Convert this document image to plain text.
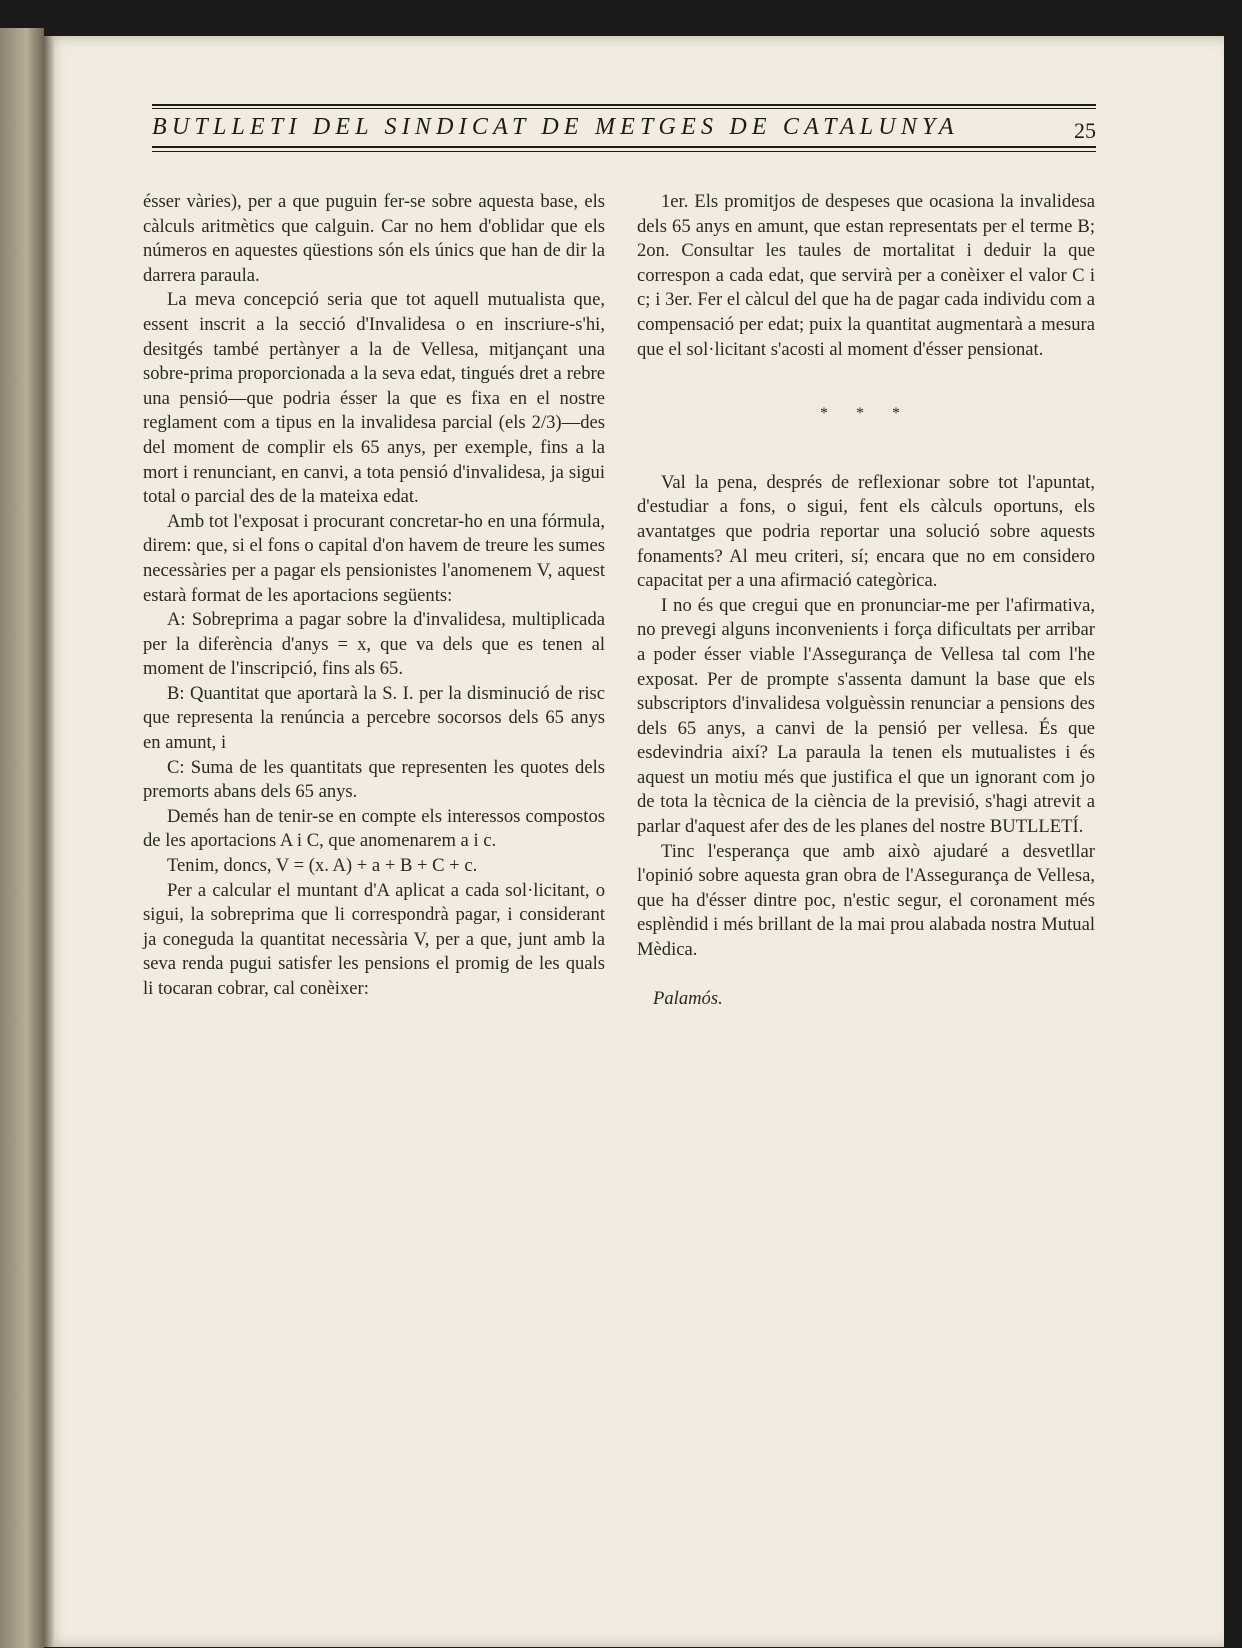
BUTLLETI DEL SINDICAT DE METGES DE CATALUNYA	25

ésser vàries), per a que puguin fer-se sobre aquesta base, els càlculs aritmètics que calguin. Car no hem d'oblidar que els números en aquestes qüestions són els únics que han de dir la darrera paraula.

La meva concepció seria que tot aquell mutualista que, essent inscrit a la secció d'Invalidesa o en inscriure-s'hi, desitgés també pertànyer a la de Vellesa, mitjançant una sobre-prima proporcionada a la seva edat, tingués dret a rebre una pensió—que podria ésser la que es fixa en el nostre reglament com a tipus en la invalidesa parcial (els 2/3)—des del moment de complir els 65 anys, per exemple, fins a la mort i renunciant, en canvi, a tota pensió d'invalidesa, ja sigui total o parcial des de la mateixa edat.

Amb tot l'exposat i procurant concretar-ho en una fórmula, direm: que, si el fons o capital d'on havem de treure les sumes necessàries per a pagar els pensionistes l'anomenem V, aquest estarà format de les aportacions següents:

A: Sobreprima a pagar sobre la d'invalidesa, multiplicada per la diferència d'anys = x, que va dels que es tenen al moment de l'inscripció, fins als 65.

B: Quantitat que aportarà la S. I. per la disminució de risc que representa la renúncia a percebre socorsos dels 65 anys en amunt, i

C: Suma de les quantitats que representen les quotes dels premorts abans dels 65 anys.

Demés han de tenir-se en compte els interessos compostos de les aportacions A i C, que anomenarem a i c.

Tenim, doncs, V = (x. A) + a + B + C + c.

Per a calcular el muntant d'A aplicat a cada sol·licitant, o sigui, la sobreprima que li correspondrà pagar, i considerant ja coneguda la quantitat necessària V, per a que, junt amb la seva renda pugui satisfer les pensions el promig de les quals li tocaran cobrar, cal conèixer:

1er. Els promitjos de despeses que ocasiona la invalidesa dels 65 anys en amunt, que estan representats per el terme B; 2on. Consultar les taules de mortalitat i deduir la que correspon a cada edat, que servirà per a conèixer el valor C i c; i 3er. Fer el càlcul del que ha de pagar cada individu com a compensació per edat; puix la quantitat augmentarà a mesura que el sol·licitant s'acosti al moment d'ésser pensionat.

* * *

Val la pena, després de reflexionar sobre tot l'apuntat, d'estudiar a fons, o sigui, fent els càlculs oportuns, els avantatges que podria reportar una solució sobre aquests fonaments? Al meu criteri, sí; encara que no em considero capacitat per a una afirmació categòrica.

I no és que cregui que en pronunciar-me per l'afirmativa, no prevegi alguns inconvenients i força dificultats per arribar a poder ésser viable l'Assegurança de Vellesa tal com l'he exposat. Per de prompte s'assenta damunt la base que els subscriptors d'invalidesa volguèssin renunciar a pensions des dels 65 anys, a canvi de la pensió per vellesa. És que esdevindria així? La paraula la tenen els mutualistes i és aquest un motiu més que justifica el que un ignorant com jo de tota la tècnica de la ciència de la previsió, s'hagi atrevit a parlar d'aquest afer des de les planes del nostre BUTLLETÍ.

Tinc l'esperança que amb això ajudaré a desvetllar l'opinió sobre aquesta gran obra de l'Assegurança de Vellesa, que ha d'ésser dintre poc, n'estic segur, el coronament més esplèndid i més brillant de la mai prou alabada nostra Mutual Mèdica.

Palamós.
